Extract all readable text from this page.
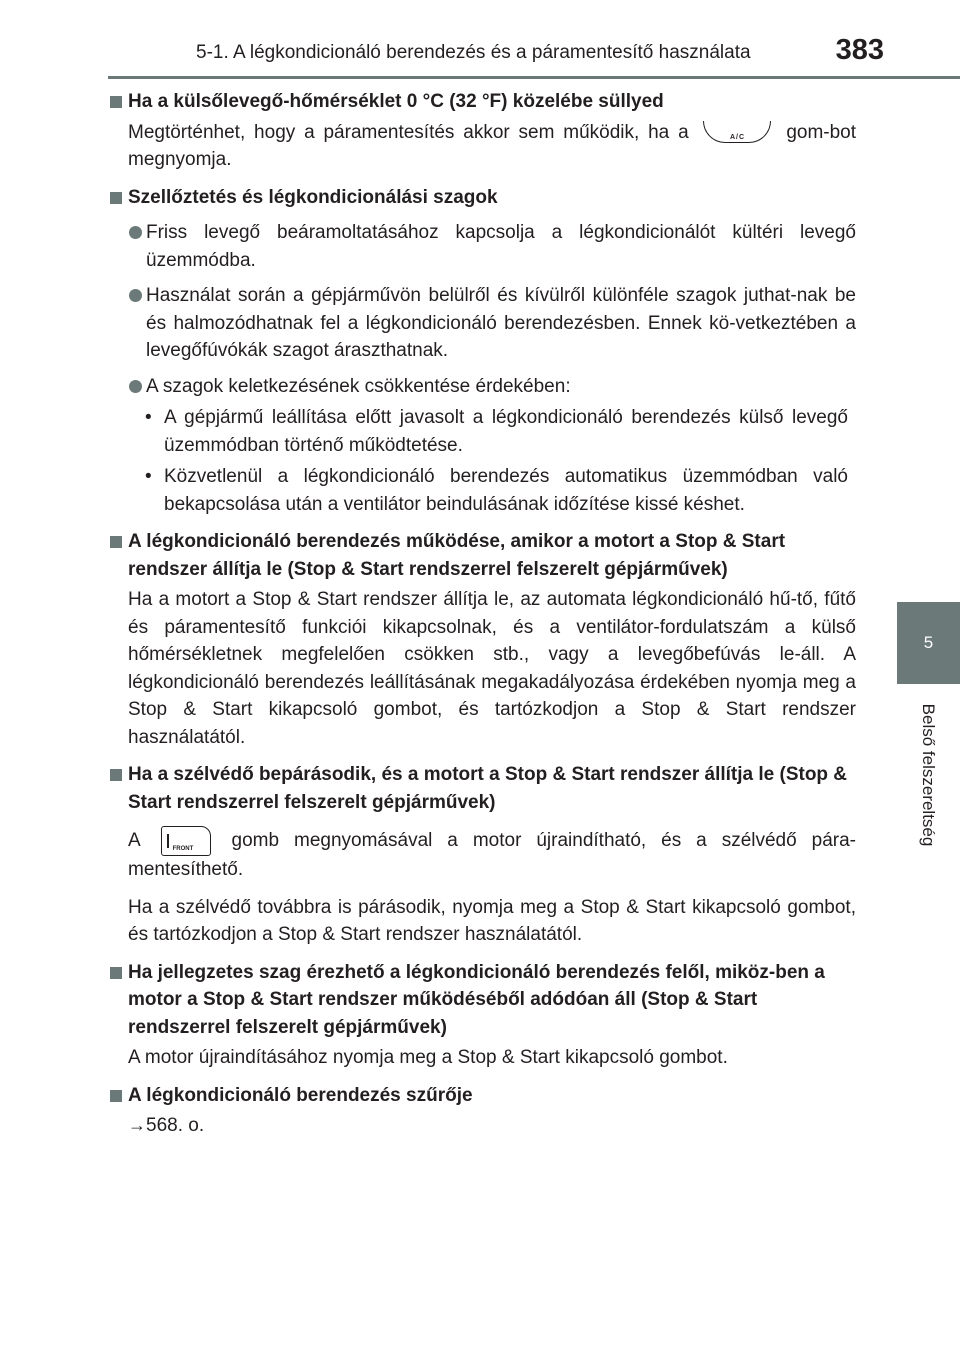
5-1. A légkondicionáló berendezés és a páramentesítő használata	383
5
Belső felszereltség
Ha a külsőlevegő-hőmérséklet 0 °C (32 °F) közelébe süllyed
Megtörténhet, hogy a páramentesítés akkor sem működik, ha a	A/C	gom-bot megnyomja.
Szellőztetés és légkondicionálási szagok
Friss levegő beáramoltatásához kapcsolja a légkondicionálót kültéri levegő üzemmódba.
Használat során a gépjárművön belülről és kívülről különféle szagok juthat-nak be és halmozódhatnak fel a légkondicionáló berendezésben. Ennek kö-vetkeztében a levegőfúvókák szagot áraszthatnak.
A szagok keletkezésének csökkentése érdekében:
• A gépjármű leállítása előtt javasolt a légkondicionáló berendezés külső levegő üzemmódban történő működtetése.
• Közvetlenül a légkondicionáló berendezés automatikus üzemmódban való bekapcsolása után a ventilátor beindulásának időzítése kissé késhet.
A légkondicionáló berendezés működése, amikor a motort a Stop & Start rendszer állítja le (Stop & Start rendszerrel felszerelt gépjárművek)
Ha a motort a Stop & Start rendszer állítja le, az automata légkondicionáló hű-tő, fűtő és páramentesítő funkciói kikapcsolnak, és a ventilátor-fordulatszám a külső hőmérsékletnek megfelelően csökken stb., vagy a levegőbefúvás le-áll. A légkondicionáló berendezés leállításának megakadályozása érdekében nyomja meg a Stop & Start kikapcsoló gombot, és tartózkodjon a Stop & Start rendszer használatától.
Ha a szélvédő bepárásodik, és a motort a Stop & Start rendszer állítja le (Stop & Start rendszerrel felszerelt gépjárművek)
A	FRONT gomb megnyomásával a motor újraindítható, és a szélvédő pára-mentesíthető.
Ha a szélvédő továbbra is párásodik, nyomja meg a Stop & Start kikapcsoló gombot, és tartózkodjon a Stop & Start rendszer használatától.
Ha jellegzetes szag érezhető a légkondicionáló berendezés felől, miköz-ben a motor a Stop & Start rendszer működéséből adódóan áll (Stop & Start rendszerrel felszerelt gépjárművek)
A motor újraindításához nyomja meg a Stop & Start kikapcsoló gombot.
A légkondicionáló berendezés szűrője
→568. o.
